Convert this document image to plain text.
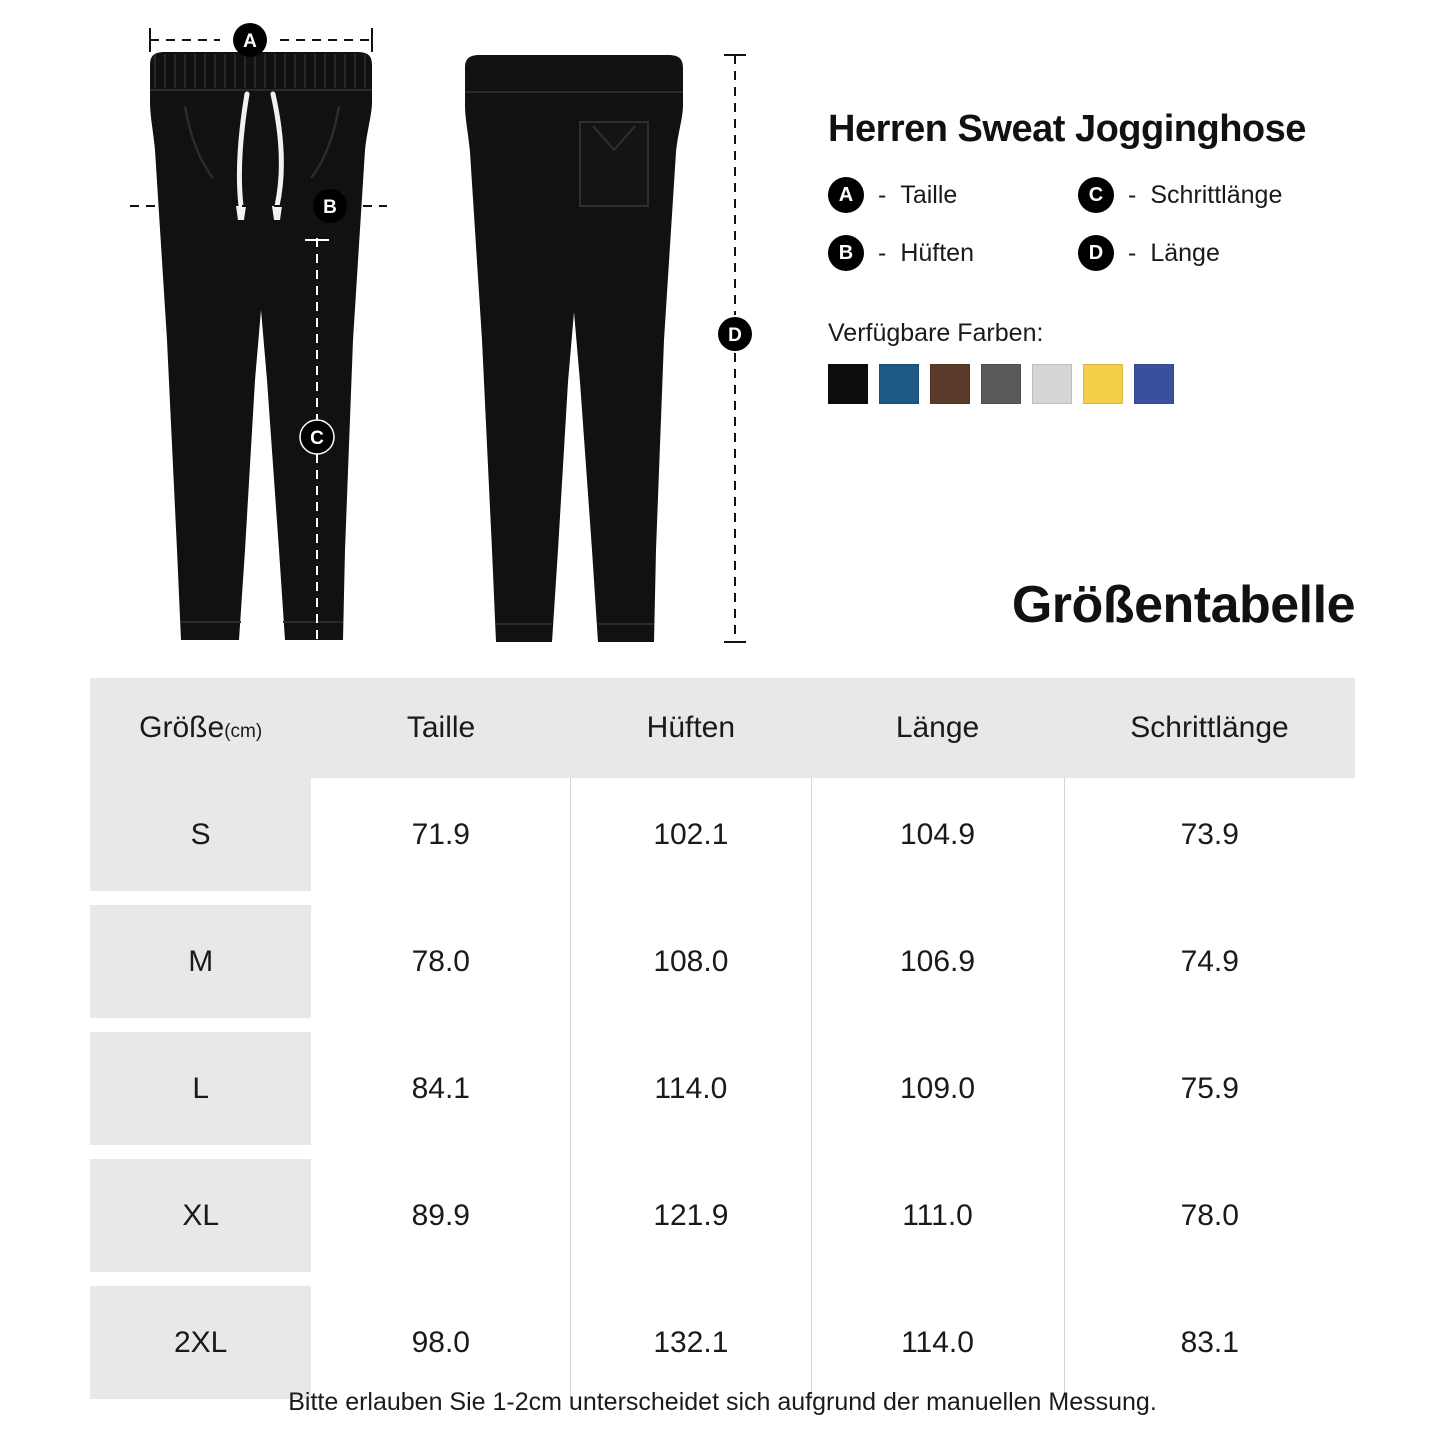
A
B
C
D
Herren Sweat Jogginghose
A - Taille	C - Schrittlänge
B - Hüften	D - Länge
Verfügbare Farben:
Größentabelle
Größe(cm)	Taille	Hüften	Länge	Schrittlänge
S	71.9	102.1	104.9	73.9

M	78.0	108.0	106.9	74.9

L	84.1	114.0	109.0	75.9

XL	89.9	121.9	111.0	78.0

2XL	98.0	132.1	114.0	83.1
Bitte erlauben Sie 1-2cm unterscheidet sich aufgrund der manuellen Messung.
